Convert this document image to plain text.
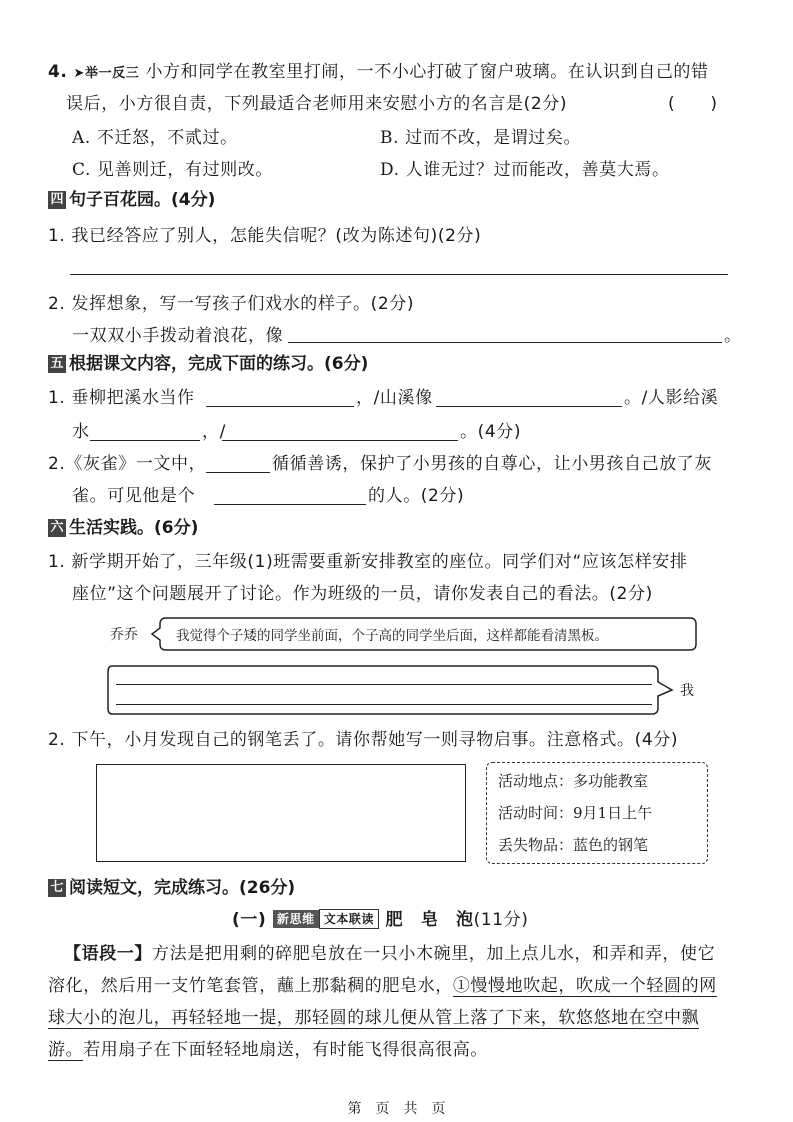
4. ➤举一反三 小方和同学在教室里打闹，一不小心打破了窗户玻璃。在认识到自己的错
误后，小方很自责，下列最适合老师用来安慰小方的名言是(2分)	(　　)
A. 不迁怒，不贰过。	B. 过而不改，是谓过矣。
C. 见善则迁，有过则改。	D. 人谁无过？过而能改，善莫大焉。
四 句子百花园。(4分)
1. 我已经答应了别人，怎能失信呢？(改为陈述句)(2分)
2. 发挥想象，写一写孩子们戏水的样子。(2分)
一双双小手拨动着浪花，像	。
五 根据课文内容，完成下面的练习。(6分)
1. 垂柳把溪水当作	，/山溪像	。/人影给溪
水	，/	。(4分)
2.《灰雀》一文中，	循循善诱，保护了小男孩的自尊心，让小男孩自己放了灰
雀。可见他是个	的人。(2分)
六 生活实践。(6分)
1. 新学期开始了，三年级(1)班需要重新安排教室的座位。同学们对“应该怎样安排
座位”这个问题展开了讨论。作为班级的一员，请你发表自己的看法。(2分)
乔乔	我觉得个子矮的同学坐前面，个子高的同学坐后面，这样都能看清黑板。
我
2. 下午，小月发现自己的钢笔丢了。请你帮她写一则寻物启事。注意格式。(4分)
活动地点：多功能教室
活动时间：9月1日上午
丢失物品：蓝色的钢笔
七 阅读短文，完成练习。(26分)
(一) 新思维 文本联读 肥　皂　泡(11分)
【语段一】方法是把用剩的碎肥皂放在一只小木碗里，加上点儿水，和弄和弄，使它
溶化，然后用一支竹笔套管，蘸上那黏稠的肥皂水，①慢慢地吹起，吹成一个轻圆的网
球大小的泡儿，再轻轻地一提，那轻圆的球儿便从管上落了下来，软悠悠地在空中飘
游。若用扇子在下面轻轻地扇送，有时能飞得很高很高。
第　页　共　页
